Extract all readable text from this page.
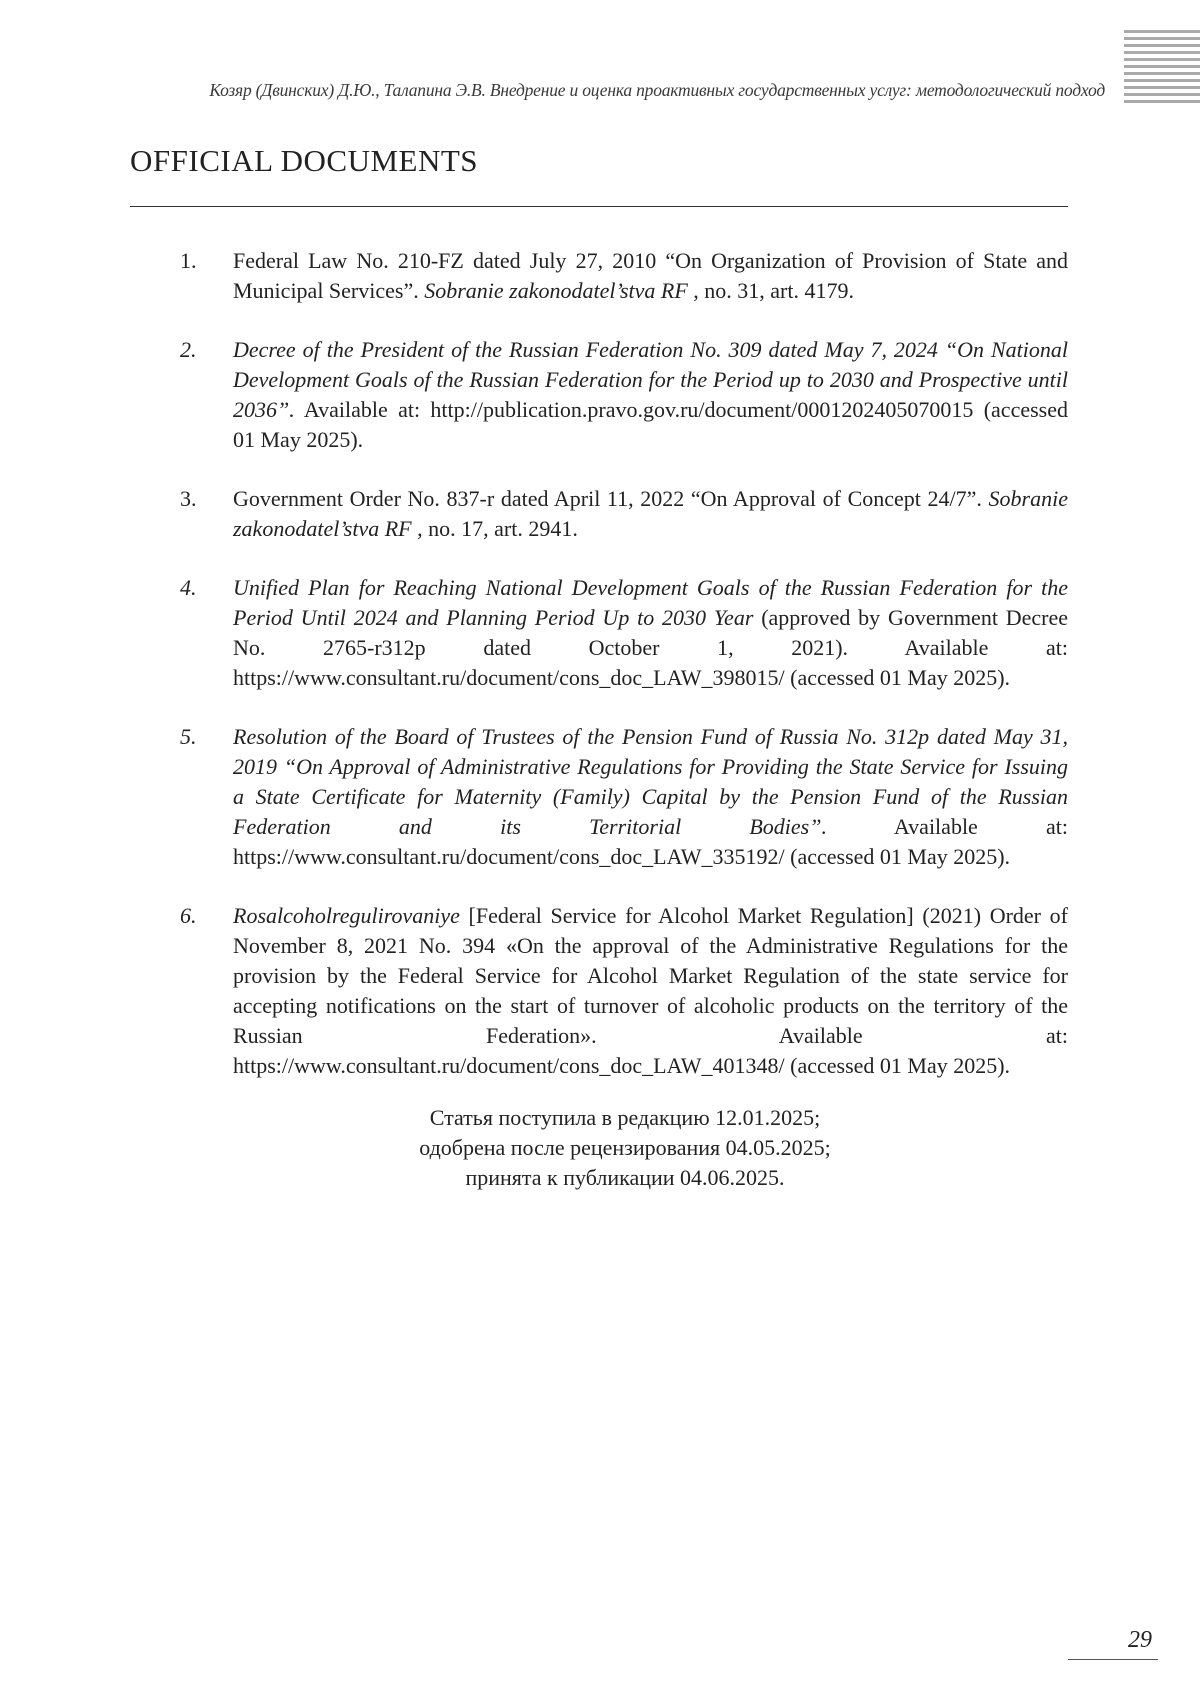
Козяр (Двинских) Д.Ю., Талапина Э.В. Внедрение и оценка проактивных государственных услуг: методологический подход
OFFICIAL DOCUMENTS
1. Federal Law No. 210-FZ dated July 27, 2010 “On Organization of Provision of State and Municipal Services”. Sobranie zakonodatel’stva RF , no. 31, art. 4179.
2. Decree of the President of the Russian Federation No. 309 dated May 7, 2024 “On National Development Goals of the Russian Federation for the Period up to 2030 and Prospective until 2036”. Available at: http://publication.pravo.gov.ru/document/0001202405070015 (accessed 01 May 2025).
3. Government Order No. 837-r dated April 11, 2022 “On Approval of Concept 24/7”. Sobranie zakonodatel’stva RF , no. 17, art. 2941.
4. Unified Plan for Reaching National Development Goals of the Russian Federation for the Period Until 2024 and Planning Period Up to 2030 Year (approved by Government Decree No. 2765-r312p dated October 1, 2021). Available at: https://www.consultant.ru/document/cons_doc_LAW_398015/ (accessed 01 May 2025).
5. Resolution of the Board of Trustees of the Pension Fund of Russia No. 312p dated May 31, 2019 “On Approval of Administrative Regulations for Providing the State Service for Issuing a State Certificate for Maternity (Family) Capital by the Pension Fund of the Russian Federation and its Territorial Bodies”. Available at: https://www.consultant.ru/document/cons_doc_LAW_335192/ (accessed 01 May 2025).
6. Rosalcoholregulirovaniye [Federal Service for Alcohol Market Regulation] (2021) Order of November 8, 2021 No. 394 «On the approval of the Administrative Regulations for the provision by the Federal Service for Alcohol Market Regulation of the state service for accepting notifications on the start of turnover of alcoholic products on the territory of the Russian Federation». Available at: https://www.consultant.ru/document/cons_doc_LAW_401348/ (accessed 01 May 2025).
Статья поступила в редакцию 12.01.2025;
одобрена после рецензирования 04.05.2025;
принята к публикации 04.06.2025.
29
